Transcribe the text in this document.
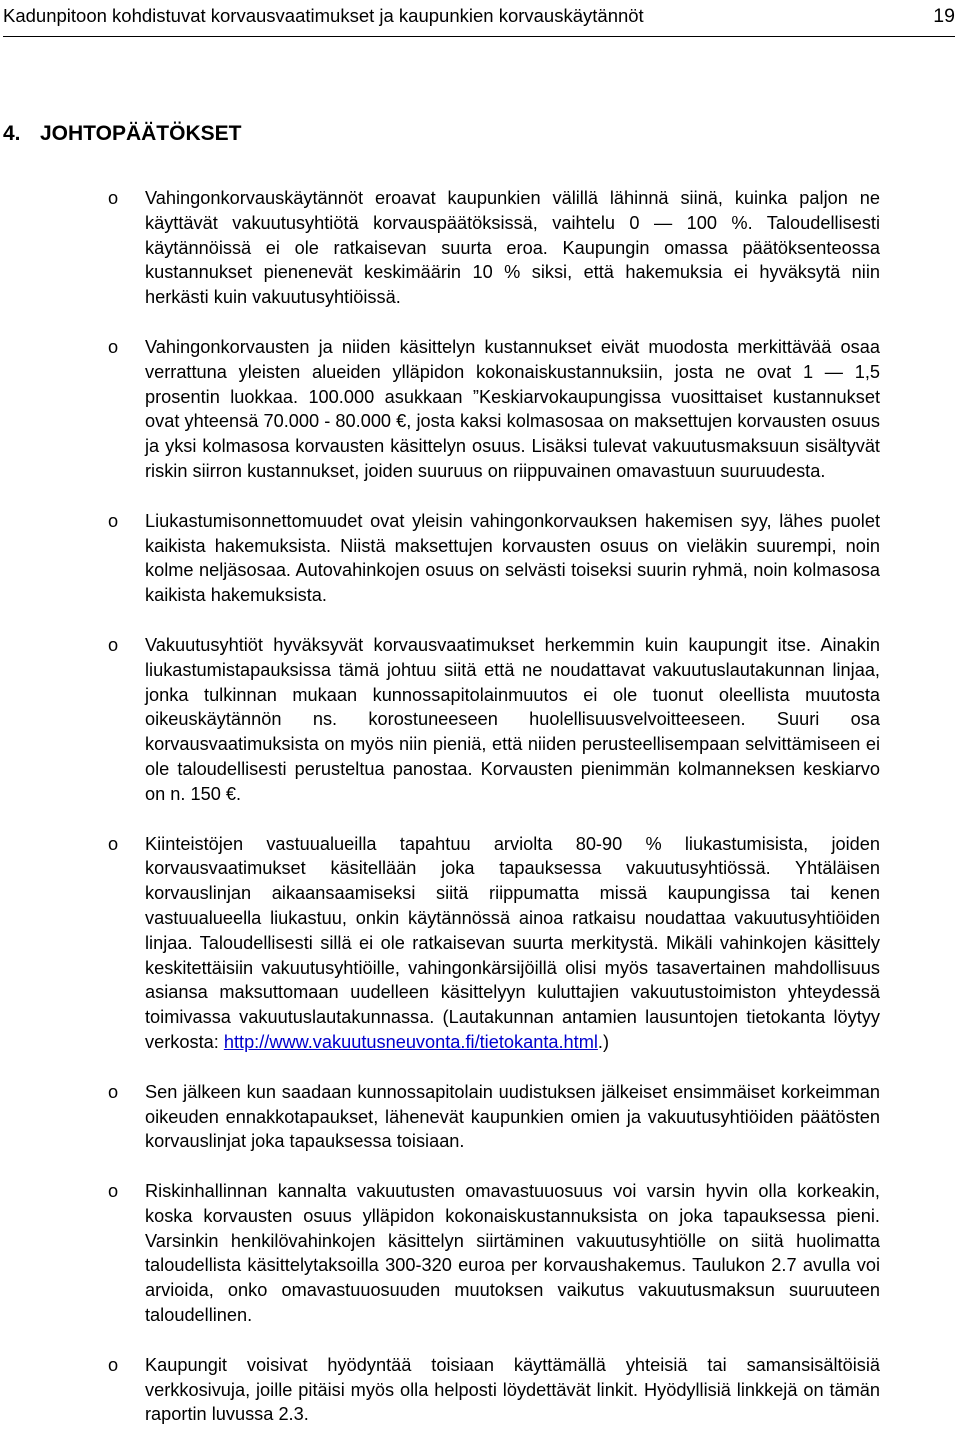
Kadunpitoon kohdistuvat korvausvaatimukset ja kaupunkien korvauskäytännöt	19
4. JOHTOPÄÄTÖKSET
o Vahingonkorvauskäytännöt eroavat kaupunkien välillä lähinnä siinä, kuinka paljon ne käyttävät vakuutusyhtiötä korvauspäätöksissä, vaihtelu 0 — 100 %. Taloudellisesti käytännöissä ei ole ratkaisevan suurta eroa. Kaupungin omassa päätöksenteossa kustannukset pienenevät keskimäärin 10 % siksi, että hakemuksia ei hyväksytä niin herkästi kuin vakuutusyhtiöissä.
o Vahingonkorvausten ja niiden käsittelyn kustannukset eivät muodosta merkittävää osaa verrattuna yleisten alueiden ylläpidon kokonaiskustannuksiin, josta ne ovat 1 — 1,5 prosentin luokkaa. 100.000 asukkaan ”Keskiarvokaupungissa vuosittaiset kustannukset ovat yhteensä 70.000 - 80.000 €, josta kaksi kolmasosaa on maksettujen korvausten osuus ja yksi kolmasosa korvausten käsittelyn osuus. Lisäksi tulevat vakuutusmaksuun sisältyvät riskin siirron kustannukset, joiden suuruus on riippuvainen omavastuun suuruudesta.
o Liukastumisonnettomuudet ovat yleisin vahingonkorvauksen hakemisen syy, lähes puolet kaikista hakemuksista. Niistä maksettujen korvausten osuus on vieläkin suurempi, noin kolme neljäsosaa. Autovahinkojen osuus on selvästi toiseksi suurin ryhmä, noin kolmasosa kaikista hakemuksista.
o Vakuutusyhtiöt hyväksyvät korvausvaatimukset herkemmin kuin kaupungit itse. Ainakin liukastumistapauksissa tämä johtuu siitä että ne noudattavat vakuutuslautakunnan linjaa, jonka tulkinnan mukaan kunnossapitolainmuutos ei ole tuonut oleellista muutosta oikeuskäytännön ns. korostuneeseen huolellisuusvelvoitteeseen. Suuri osa korvausvaatimuksista on myös niin pieniä, että niiden perusteellisempaan selvittämiseen ei ole taloudellisesti perusteltua panostaa. Korvausten pienimmän kolmanneksen keskiarvo on n. 150 €.
o Kiinteistöjen vastuualueilla tapahtuu arviolta 80-90 % liukastumisista, joiden korvausvaatimukset käsitellään joka tapauksessa vakuutusyhtiössä. Yhtäläisen korvauslinjan aikaansaamiseksi siitä riippumatta missä kaupungissa tai kenen vastuualueella liukastuu, onkin käytännössä ainoa ratkaisu noudattaa vakuutusyhtiöiden linjaa. Taloudellisesti sillä ei ole ratkaisevan suurta merkitystä. Mikäli vahinkojen käsittely keskitettäisiin vakuutusyhtiöille, vahingonkärsijöillä olisi myös tasavertainen mahdollisuus asiansa maksuttomaan uudelleen käsittelyyn kuluttajien vakuutustoimiston yhteydessä toimivassa vakuutuslautakunnassa. (Lautakunnan antamien lausuntojen tietokanta löytyy verkosta: http://www.vakuutusneuvonta.fi/tietokanta.html.)
o Sen jälkeen kun saadaan kunnossapitolain uudistuksen jälkeiset ensimmäiset korkeimman oikeuden ennakkotapaukset, lähenevät kaupunkien omien ja vakuutusyhtiöiden päätösten korvauslinjat joka tapauksessa toisiaan.
o Riskinhallinnan kannalta vakuutusten omavastuuosuus voi varsin hyvin olla korkeakin, koska korvausten osuus ylläpidon kokonaiskustannuksista on joka tapauksessa pieni. Varsinkin henkilövahinkojen käsittelyn siirtäminen vakuutusyhtiölle on siitä huolimatta taloudellista käsittelytaksoilla 300-320 euroa per korvaushakemus. Taulukon 2.7 avulla voi arvioida, onko omavastuuosuuden muutoksen vaikutus vakuutusmaksun suuruuteen taloudellinen.
o Kaupungit voisivat hyödyntää toisiaan käyttämällä yhteisiä tai samansisältöisiä verkkosivuja, joille pitäisi myös olla helposti löydettävät linkit. Hyödyllisiä linkkejä on tämän raportin luvussa 2.3.
